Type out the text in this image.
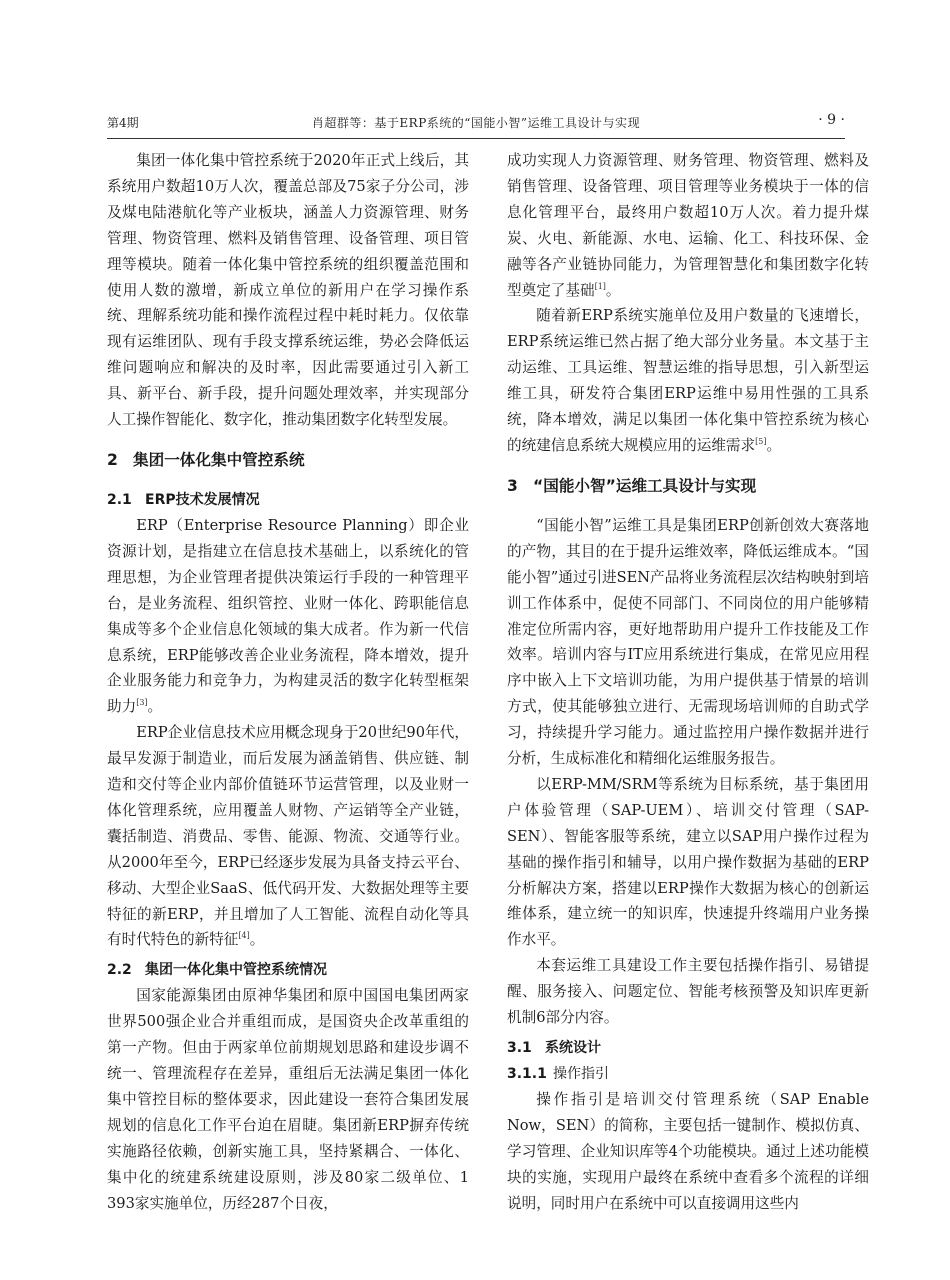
第4期	肖超群等：基于ERP系统的“国能小智”运维工具设计与实现	· 9 ·

集团一体化集中管控系统于2020年正式上线后，其系统用户数超10万人次，覆盖总部及75家子分公司，涉及煤电陆港航化等产业板块，涵盖人力资源管理、财务管理、物资管理、燃料及销售管理、设备管理、项目管理等模块。随着一体化集中管控系统的组织覆盖范围和使用人数的激增，新成立单位的新用户在学习操作系统、理解系统功能和操作流程过程中耗时耗力。仅依靠现有运维团队、现有手段支撑系统运维，势必会降低运维问题响应和解决的及时率，因此需要通过引入新工具、新平台、新手段，提升问题处理效率，并实现部分人工操作智能化、数字化，推动集团数字化转型发展。

2 集团一体化集中管控系统
2.1 ERP技术发展情况

ERP（Enterprise Resource Planning）即企业资源计划，是指建立在信息技术基础上，以系统化的管理思想，为企业管理者提供决策运行手段的一种管理平台，是业务流程、组织管控、业财一体化、跨职能信息集成等多个企业信息化领域的集大成者。作为新一代信息系统，ERP能够改善企业业务流程，降本增效，提升企业服务能力和竞争力，为构建灵活的数字化转型框架助力[3]。

ERP企业信息技术应用概念现身于20世纪90年代，最早发源于制造业，而后发展为涵盖销售、供应链、制造和交付等企业内部价值链环节运营管理，以及业财一体化管理系统，应用覆盖人财物、产运销等全产业链，囊括制造、消费品、零售、能源、物流、交通等行业。从2000年至今，ERP已经逐步发展为具备支持云平台、移动、大型企业SaaS、低代码开发、大数据处理等主要特征的新ERP，并且增加了人工智能、流程自动化等具有时代特色的新特征[4]。

2.2 集团一体化集中管控系统情况

国家能源集团由原神华集团和原中国国电集团两家世界500强企业合并重组而成，是国资央企改革重组的第一产物。但由于两家单位前期规划思路和建设步调不统一、管理流程存在差异，重组后无法满足集团一体化集中管控目标的整体要求，因此建设一套符合集团发展规划的信息化工作平台迫在眉睫。集团新ERP摒弃传统实施路径依赖，创新实施工具，坚持紧耦合、一体化、集中化的统建系统建设原则，涉及80家二级单位、1 393家实施单位，历经287个日夜，

成功实现人力资源管理、财务管理、物资管理、燃料及销售管理、设备管理、项目管理等业务模块于一体的信息化管理平台，最终用户数超10万人次。着力提升煤炭、火电、新能源、水电、运输、化工、科技环保、金融等各产业链协同能力，为管理智慧化和集团数字化转型奠定了基础[1]。

随着新ERP系统实施单位及用户数量的飞速增长，ERP系统运维已然占据了绝大部分业务量。本文基于主动运维、工具运维、智慧运维的指导思想，引入新型运维工具，研发符合集团ERP运维中易用性强的工具系统，降本增效，满足以集团一体化集中管控系统为核心的统建信息系统大规模应用的运维需求[5]。

3 “国能小智”运维工具设计与实现

“国能小智”运维工具是集团ERP创新创效大赛落地的产物，其目的在于提升运维效率，降低运维成本。“国能小智”通过引进SEN产品将业务流程层次结构映射到培训工作体系中，促使不同部门、不同岗位的用户能够精准定位所需内容，更好地帮助用户提升工作技能及工作效率。培训内容与IT应用系统进行集成，在常见应用程序中嵌入上下文培训功能，为用户提供基于情景的培训方式，使其能够独立进行、无需现场培训师的自助式学习，持续提升学习能力。通过监控用户操作数据并进行分析，生成标准化和精细化运维服务报告。

以ERP-MM/SRM等系统为目标系统，基于集团用户体验管理（SAP-UEM）、培训交付管理（SAP-SEN）、智能客服等系统，建立以SAP用户操作过程为基础的操作指引和辅导，以用户操作数据为基础的ERP分析解决方案，搭建以ERP操作大数据为核心的创新运维体系，建立统一的知识库，快速提升终端用户业务操作水平。

本套运维工具建设工作主要包括操作指引、易错提醒、服务接入、问题定位、智能考核预警及知识库更新机制6部分内容。

3.1 系统设计
3.1.1 操作指引

操作指引是培训交付管理系统（SAP Enable Now，SEN）的简称，主要包括一键制作、模拟仿真、学习管理、企业知识库等4个功能模块。通过上述功能模块的实施，实现用户最终在系统中查看多个流程的详细说明，同时用户在系统中可以直接调用这些内
